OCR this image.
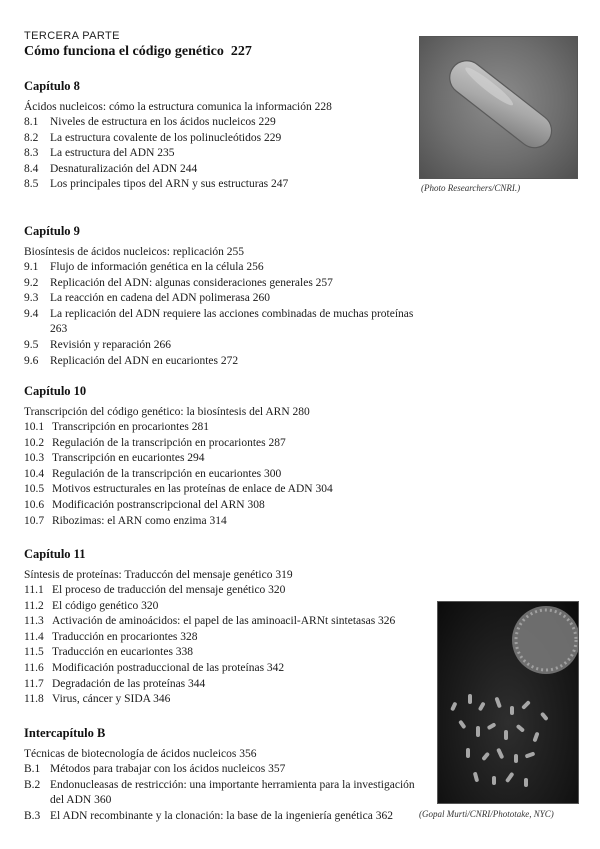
TERCERA PARTE
Cómo funciona el código genético 227
Capítulo 8
Ácidos nucleicos: cómo la estructura comunica la información 228
8.1	Niveles de estructura en los ácidos nucleicos 229
8.2	La estructura covalente de los polinucleótidos 229
8.3	La estructura del ADN 235
8.4	Desnaturalización del ADN 244
8.5	Los principales tipos del ARN y sus estructuras 247
Capítulo 9
Biosíntesis de ácidos nucleicos: replicación 255
9.1	Flujo de información genética en la célula 256
9.2	Replicación del ADN: algunas consideraciones generales 257
9.3	La reacción en cadena del ADN polimerasa 260
9.4	La replicación del ADN requiere las acciones combinadas de muchas proteínas 263
9.5	Revisión y reparación 266
9.6	Replicación del ADN en eucariontes 272
Capítulo 10
Transcripción del código genético: la biosíntesis del ARN 280
10.1 Transcripción en procariontes 281
10.2 Regulación de la transcripción en procariontes 287
10.3 Transcripción en eucariontes 294
10.4 Regulación de la transcripción en eucariontes 300
10.5 Motivos estructurales en las proteínas de enlace de ADN 304
10.6 Modificación postranscripcional del ARN 308
10.7 Ribozimas: el ARN como enzima 314
Capítulo 11
Síntesis de proteínas: Traduccón del mensaje genético 319
11.1 El proceso de traducción del mensaje genético 320
11.2 El código genético 320
11.3 Activación de aminoácidos: el papel de las aminoacil-ARNt sintetasas 326
11.4 Traducción en procariontes 328
11.5 Traducción en eucariontes 338
11.6 Modificación postraduccional de las proteínas 342
11.7 Degradación de las proteínas 344
11.8 Virus, cáncer y SIDA 346
Intercapítulo B
Técnicas de biotecnología de ácidos nucleicos 356
B.1 Métodos para trabajar con los ácidos nucleicos 357
B.2 Endonucleasas de restricción: una importante herramienta para la investigación del ADN 360
B.3 El ADN recombinante y la clonación: la base de la ingeniería genética 362
(Photo Researchers/CNRI.)
(Gopal Murti/CNRI/Phototake, NYC)
